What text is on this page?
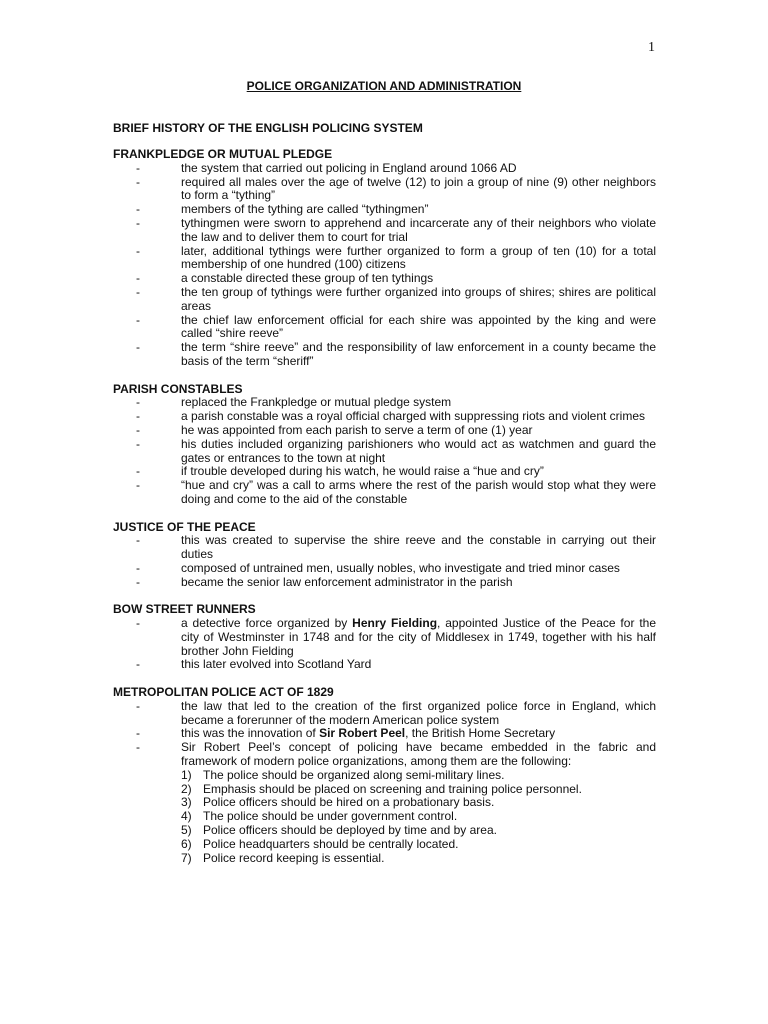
1
POLICE ORGANIZATION AND ADMINISTRATION
BRIEF HISTORY OF THE ENGLISH POLICING SYSTEM
FRANKPLEDGE OR MUTUAL PLEDGE
-	the system that carried out policing in England around 1066 AD
-	required all males over the age of twelve (12) to join a group of nine (9) other neighbors to form a “tything”
-	members of the tything are called “tythingmen”
-	tythingmen were sworn to apprehend and incarcerate any of their neighbors who violate the law and to deliver them to court for trial
-	later, additional tythings were further organized to form a group of ten (10) for a total membership of one hundred (100) citizens
-	a constable directed these group of ten tythings
-	the ten group of tythings were further organized into groups of shires; shires are political areas
-	the chief law enforcement official for each shire was appointed by the king and were called “shire reeve”
-	the term “shire reeve” and the responsibility of law enforcement in a county became the basis of the term “sheriff”
PARISH CONSTABLES
-	replaced the Frankpledge or mutual pledge system
-	a parish constable was a royal official charged with suppressing riots and violent crimes
-	he was appointed from each parish to serve a term of one (1) year
-	his duties included organizing parishioners who would act as watchmen and guard the gates or entrances to the town at night
-	if trouble developed during his watch, he would raise a “hue and cry”
-	“hue and cry” was a call to arms where the rest of the parish would stop what they were doing and come to the aid of the constable
JUSTICE OF THE PEACE
-	this was created to supervise the shire reeve and the constable in carrying out their duties
-	composed of untrained men, usually nobles, who investigate and tried minor cases
-	became the senior law enforcement administrator in the parish
BOW STREET RUNNERS
-	a detective force organized by Henry Fielding, appointed Justice of the Peace for the city of Westminster in 1748 and for the city of Middlesex in 1749, together with his half brother John Fielding
-	this later evolved into Scotland Yard
METROPOLITAN POLICE ACT OF 1829
-	the law that led to the creation of the first organized police force in England, which became a forerunner of the modern American police system
-	this was the innovation of Sir Robert Peel, the British Home Secretary
-	Sir Robert Peel’s concept of policing have became embedded in the fabric and framework of modern police organizations, among them are the following:
1) The police should be organized along semi-military lines.
2) Emphasis should be placed on screening and training police personnel.
3) Police officers should be hired on a probationary basis.
4) The police should be under government control.
5) Police officers should be deployed by time and by area.
6) Police headquarters should be centrally located.
7) Police record keeping is essential.
